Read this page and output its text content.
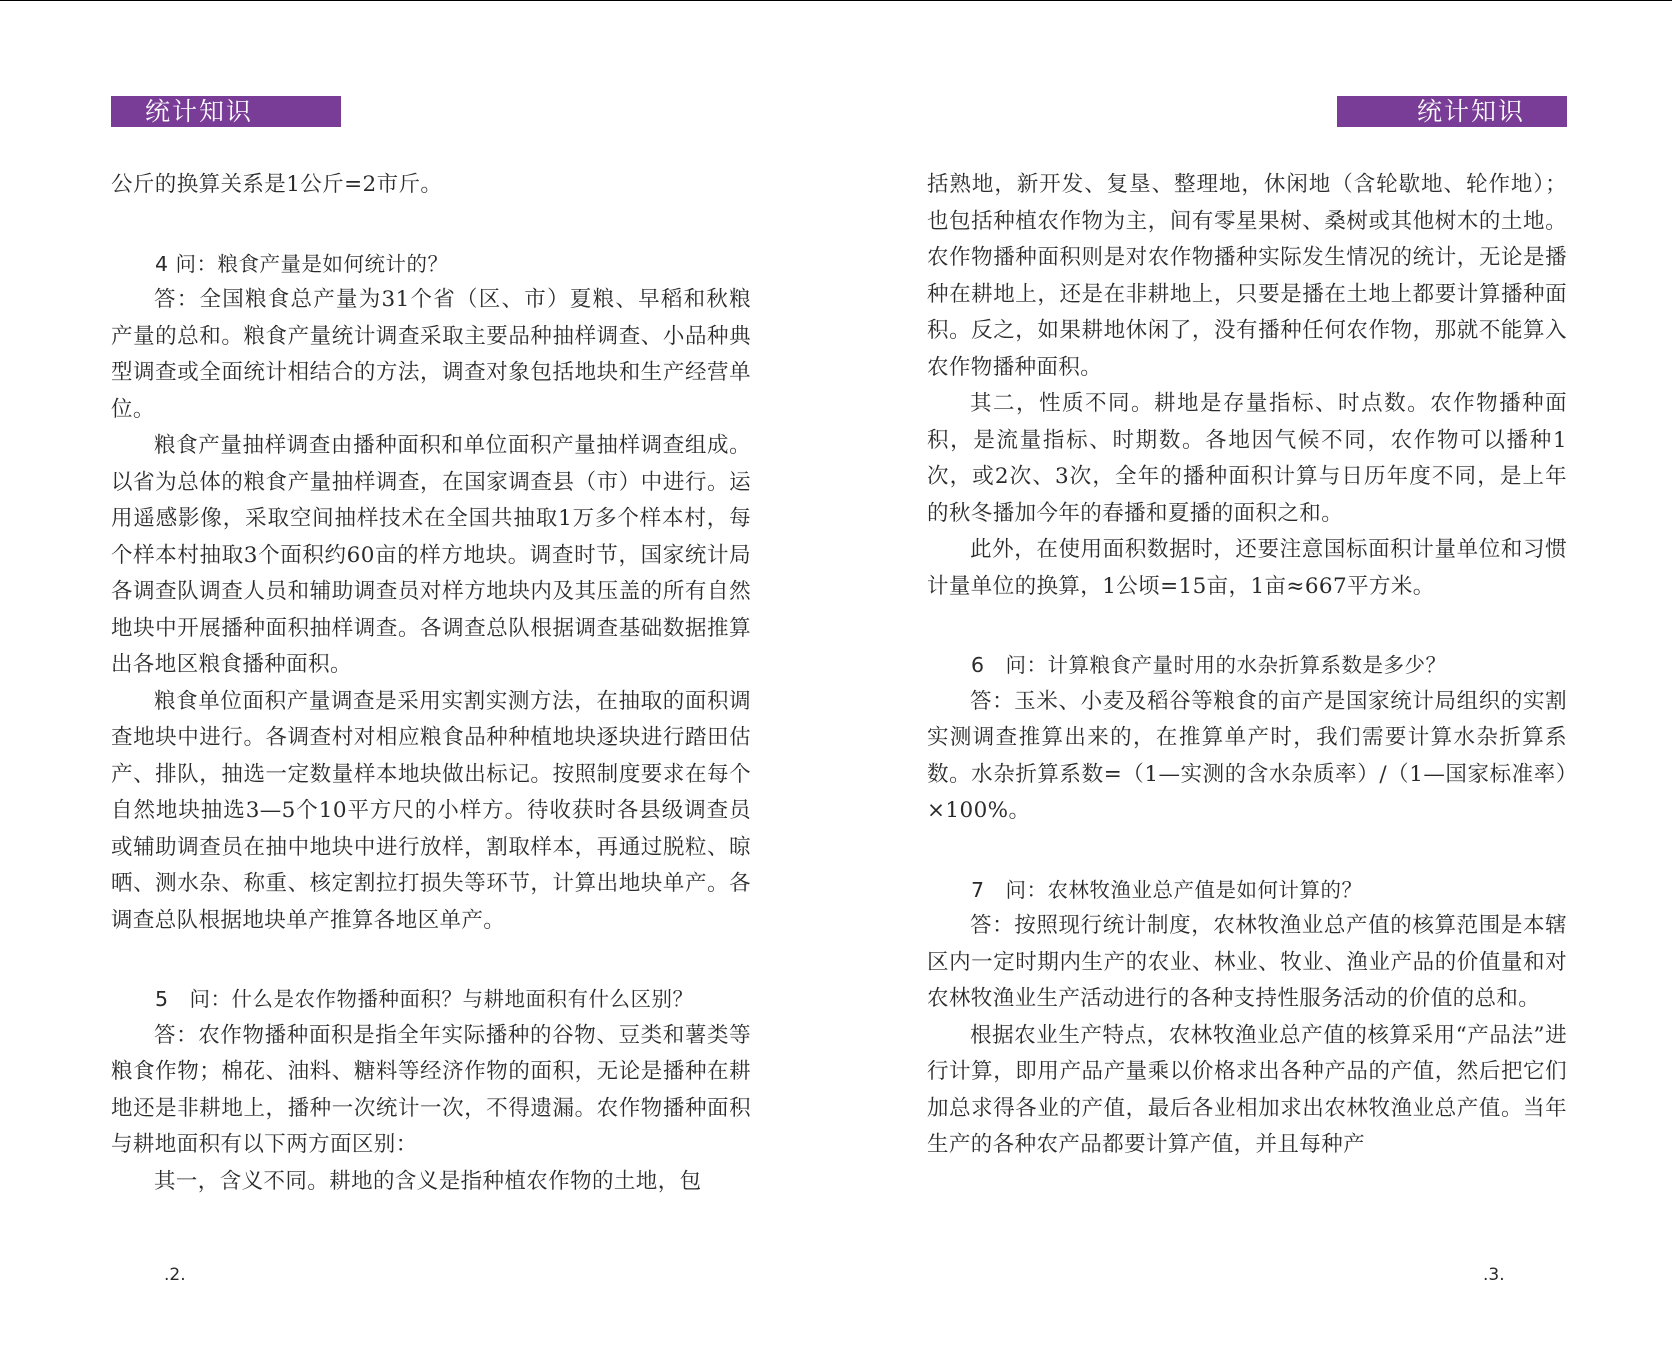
统计知识

公斤的换算关系是1公斤=2市斤。

4 问：粮食产量是如何统计的？

答：全国粮食总产量为31个省（区、市）夏粮、早稻和秋粮产量的总和。粮食产量统计调查采取主要品种抽样调查、小品种典型调查或全面统计相结合的方法，调查对象包括地块和生产经营单位。

粮食产量抽样调查由播种面积和单位面积产量抽样调查组成。以省为总体的粮食产量抽样调查，在国家调查县（市）中进行。运用遥感影像，采取空间抽样技术在全国共抽取1万多个样本村，每个样本村抽取3个面积约60亩的样方地块。调查时节，国家统计局各调查队调查人员和辅助调查员对样方地块内及其压盖的所有自然地块中开展播种面积抽样调查。各调查总队根据调查基础数据推算出各地区粮食播种面积。

粮食单位面积产量调查是采用实割实测方法，在抽取的面积调查地块中进行。各调查村对相应粮食品种种植地块逐块进行踏田估产、排队，抽选一定数量样本地块做出标记。按照制度要求在每个自然地块抽选3—5个10平方尺的小样方。待收获时各县级调查员或辅助调查员在抽中地块中进行放样，割取样本，再通过脱粒、晾晒、测水杂、称重、核定割拉打损失等环节，计算出地块单产。各调查总队根据地块单产推算各地区单产。

5　问：什么是农作物播种面积？与耕地面积有什么区别？

答：农作物播种面积是指全年实际播种的谷物、豆类和薯类等粮食作物；棉花、油料、糖料等经济作物的面积，无论是播种在耕地还是非耕地上，播种一次统计一次，不得遗漏。农作物播种面积与耕地面积有以下两方面区别：

其一，含义不同。耕地的含义是指种植农作物的土地，包

.2.
统计知识

括熟地，新开发、复垦、整理地，休闲地（含轮歇地、轮作地）；也包括种植农作物为主，间有零星果树、桑树或其他树木的土地。农作物播种面积则是对农作物播种实际发生情况的统计，无论是播种在耕地上，还是在非耕地上，只要是播在土地上都要计算播种面积。反之，如果耕地休闲了，没有播种任何农作物，那就不能算入农作物播种面积。

其二，性质不同。耕地是存量指标、时点数。农作物播种面积，是流量指标、时期数。各地因气候不同，农作物可以播种1次，或2次、3次，全年的播种面积计算与日历年度不同，是上年的秋冬播加今年的春播和夏播的面积之和。

此外，在使用面积数据时，还要注意国标面积计量单位和习惯计量单位的换算，1公顷=15亩，1亩≈667平方米。

6　问：计算粮食产量时用的水杂折算系数是多少？

答：玉米、小麦及稻谷等粮食的亩产是国家统计局组织的实割实测调查推算出来的，在推算单产时，我们需要计算水杂折算系数。水杂折算系数=（1—实测的含水杂质率）/（1—国家标准率）×100%。

7　问：农林牧渔业总产值是如何计算的？

答：按照现行统计制度，农林牧渔业总产值的核算范围是本辖区内一定时期内生产的农业、林业、牧业、渔业产品的价值量和对农林牧渔业生产活动进行的各种支持性服务活动的价值的总和。

根据农业生产特点，农林牧渔业总产值的核算采用“产品法”进行计算，即用产品产量乘以价格求出各种产品的产值，然后把它们加总求得各业的产值，最后各业相加求出农林牧渔业总产值。当年生产的各种农产品都要计算产值，并且每种产

.3.
